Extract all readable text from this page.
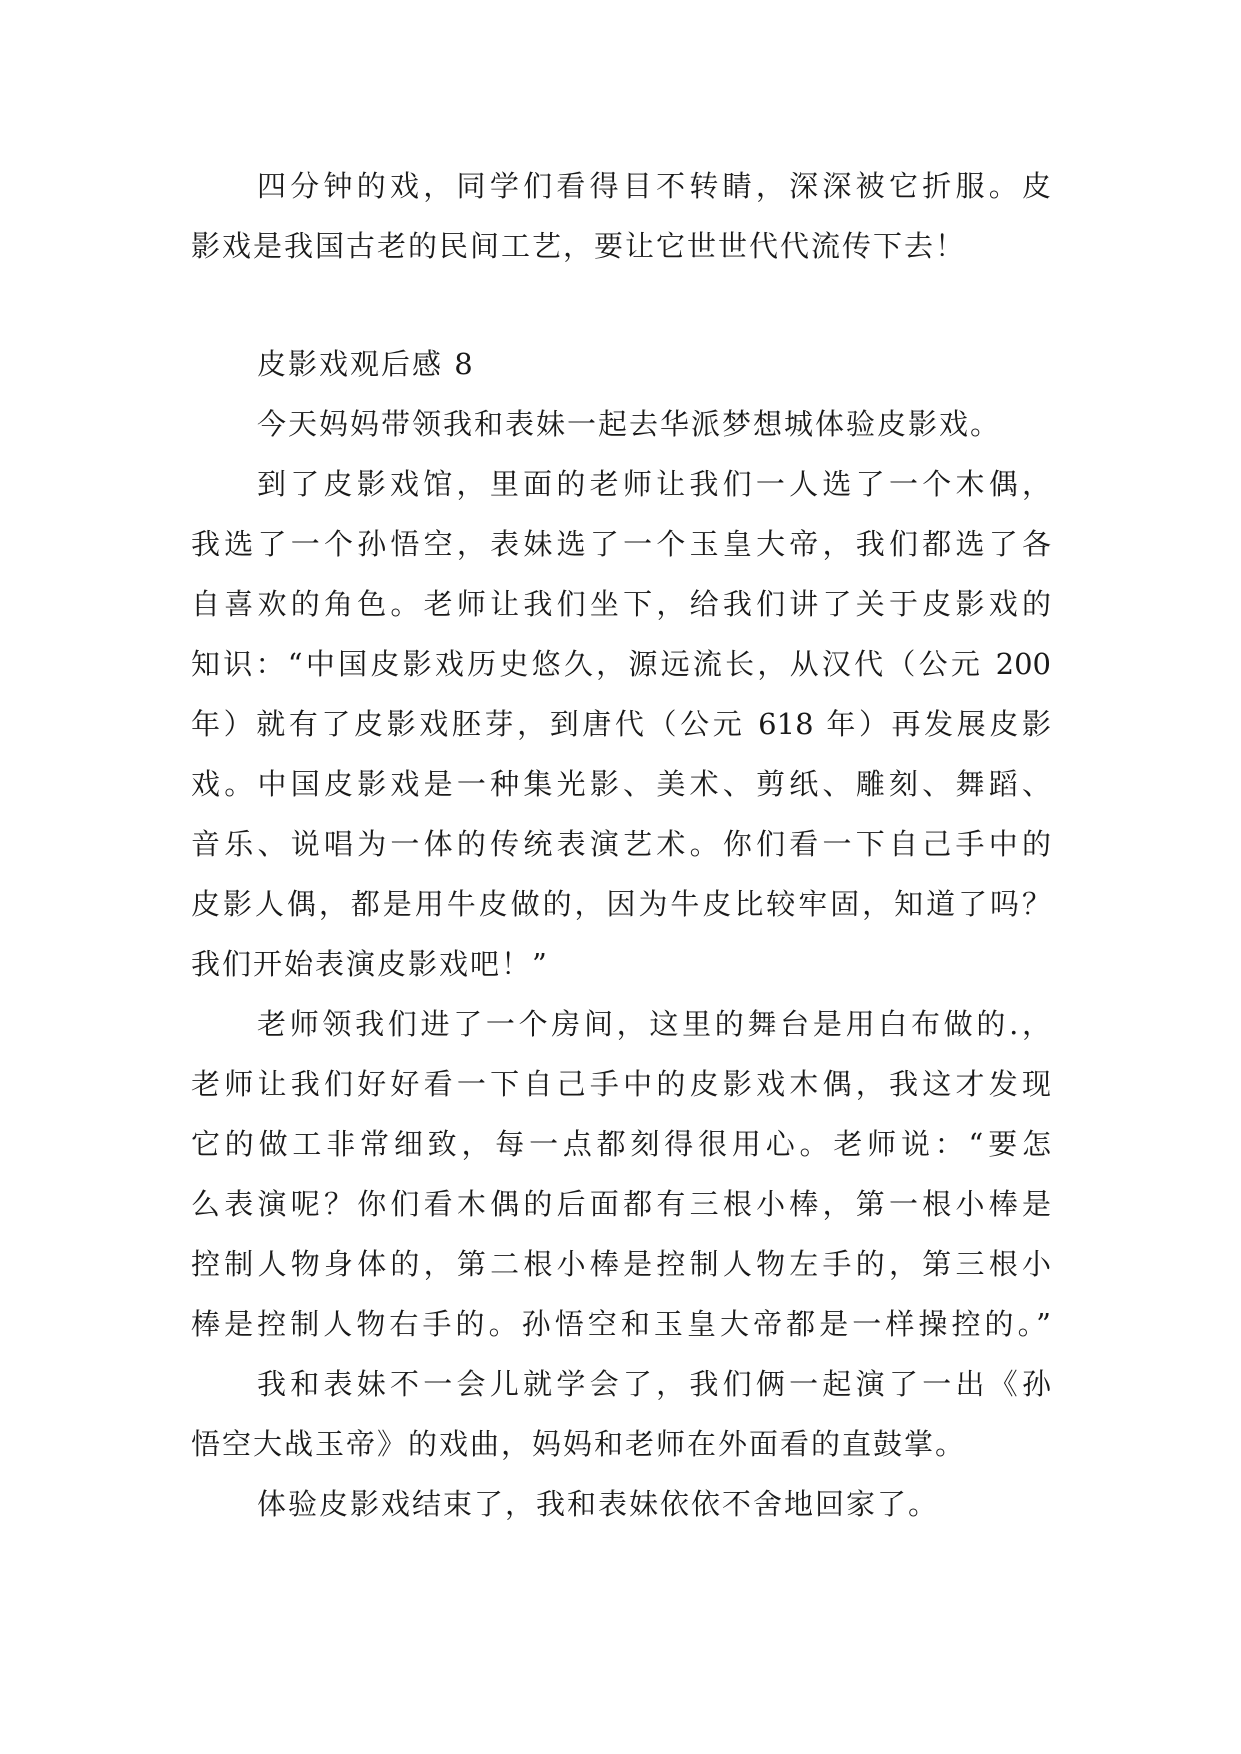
四分钟的戏，同学们看得目不转睛，深深被它折服。皮
影戏是我国古老的民间工艺，要让它世世代代流传下去！
皮影戏观后感 8
今天妈妈带领我和表妹一起去华派梦想城体验皮影戏。
到了皮影戏馆，里面的老师让我们一人选了一个木偶，
我选了一个孙悟空，表妹选了一个玉皇大帝，我们都选了各
自喜欢的角色。老师让我们坐下，给我们讲了关于皮影戏的
知识：“中国皮影戏历史悠久，源远流长，从汉代（公元 200
年）就有了皮影戏胚芽，到唐代（公元 618 年）再发展皮影
戏。中国皮影戏是一种集光影、美术、剪纸、雕刻、舞蹈、
音乐、说唱为一体的传统表演艺术。你们看一下自己手中的
皮影人偶，都是用牛皮做的，因为牛皮比较牢固，知道了吗？
我们开始表演皮影戏吧！”
老师领我们进了一个房间，这里的舞台是用白布做的.，
老师让我们好好看一下自己手中的皮影戏木偶，我这才发现
它的做工非常细致，每一点都刻得很用心。老师说：“要怎
么表演呢？你们看木偶的后面都有三根小棒，第一根小棒是
控制人物身体的，第二根小棒是控制人物左手的，第三根小
棒是控制人物右手的。孙悟空和玉皇大帝都是一样操控的。”
我和表妹不一会儿就学会了，我们俩一起演了一出《孙
悟空大战玉帝》的戏曲，妈妈和老师在外面看的直鼓掌。
体验皮影戏结束了，我和表妹依依不舍地回家了。
